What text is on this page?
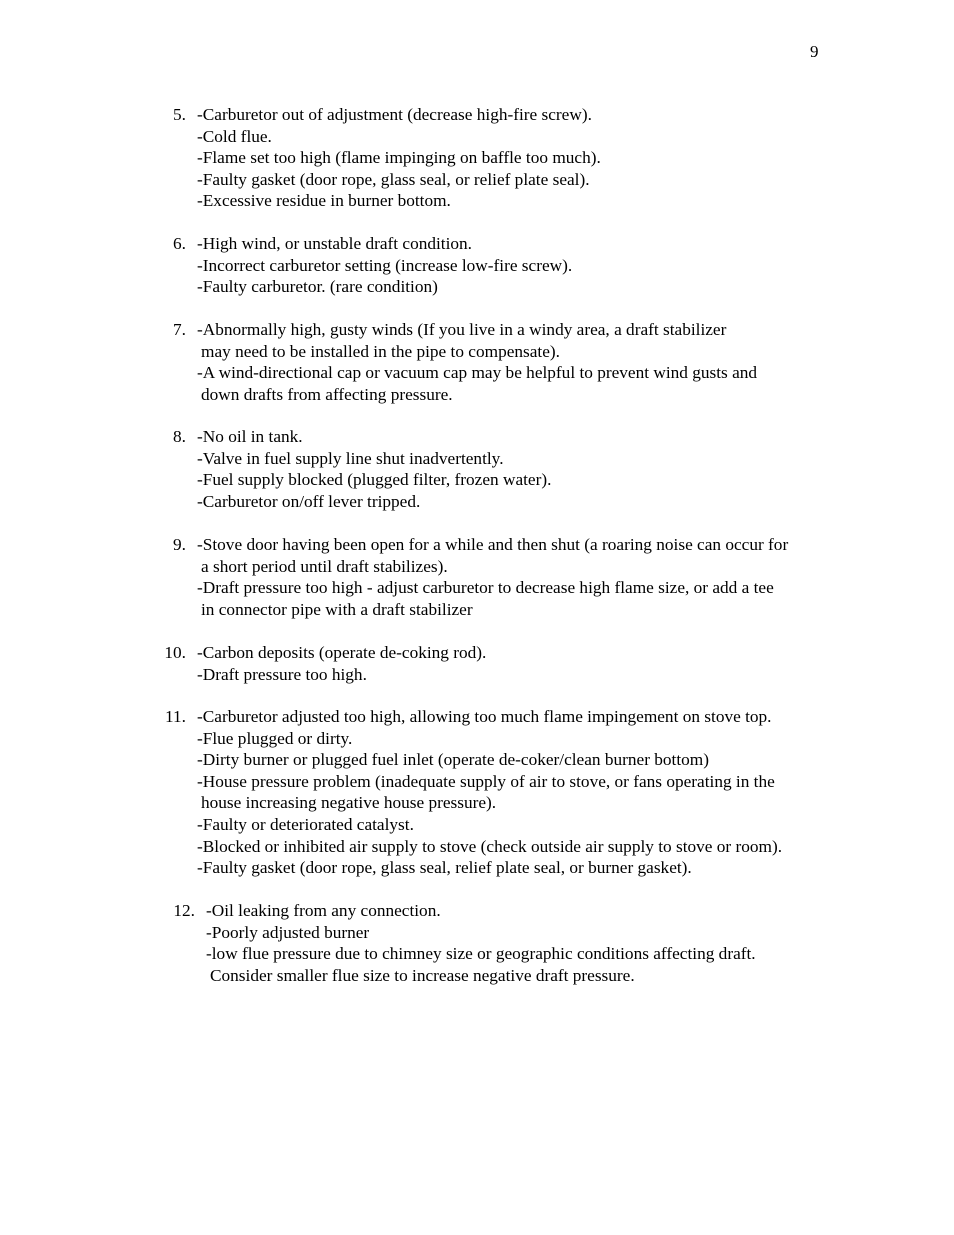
9
5. -Carburetor out of adjustment (decrease high-fire screw).
-Cold flue.
-Flame set too high (flame impinging on baffle too much).
-Faulty gasket (door rope, glass seal, or relief plate seal).
-Excessive residue in burner bottom.
6. -High wind, or unstable draft condition.
-Incorrect carburetor setting (increase low-fire screw).
-Faulty carburetor. (rare condition)
7. -Abnormally high, gusty winds (If you live in a windy area, a draft stabilizer
may need to be installed in the pipe to compensate).
-A wind-directional cap or vacuum cap may be helpful to prevent wind gusts and
down drafts from affecting pressure.
8. -No oil in tank.
-Valve in fuel supply line shut inadvertently.
-Fuel supply blocked (plugged filter, frozen water).
-Carburetor on/off lever tripped.
9. -Stove door having been open for a while and then shut (a roaring noise can occur for
a short period until draft stabilizes).
-Draft pressure too high - adjust carburetor to decrease high flame size, or add a tee
in connector pipe with a draft stabilizer
10. -Carbon deposits (operate de-coking rod).
-Draft pressure too high.
11. -Carburetor adjusted too high, allowing too much flame impingement on stove top.
-Flue plugged or dirty.
-Dirty burner or plugged fuel inlet (operate de-coker/clean burner bottom)
-House pressure problem (inadequate supply of air to stove, or fans operating in the
house increasing negative house pressure).
-Faulty or deteriorated catalyst.
-Blocked or inhibited air supply to stove (check outside air supply to stove or room).
-Faulty gasket (door rope, glass seal, relief plate seal, or burner gasket).
12. -Oil leaking from any connection.
-Poorly adjusted burner
-low flue pressure due to chimney size or geographic conditions affecting draft.
Consider smaller flue size to increase negative draft pressure.
